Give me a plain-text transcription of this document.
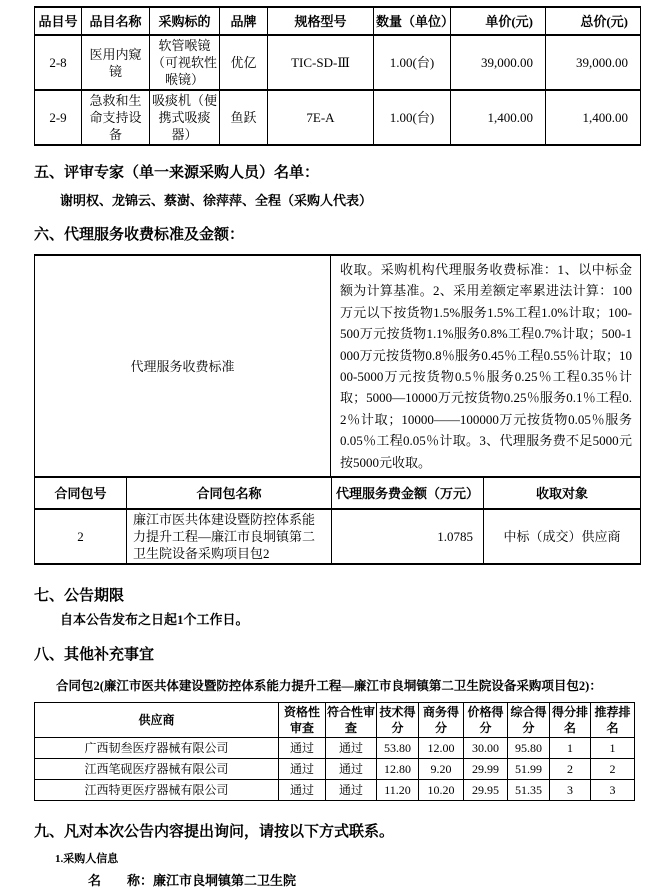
品目号	品目名称	采购标的	品牌	规格型号	数量（单位）	单价(元)	总价(元)
2-8	医用内窥镜	软管喉镜（可视软性喉镜）	优亿	TIC-SD-Ⅲ	1.00(台)	39,000.00	39,000.00
2-9	急救和生命支持设备	吸痰机（便携式吸痰器）	鱼跃	7E-A	1.00(台)	1,400.00	1,400.00
五、评审专家（单一来源采购人员）名单：
谢明权、龙锦云、蔡澍、徐萍萍、全程（采购人代表）
六、代理服务收费标准及金额：
代理服务收费标准	收取。采购机构代理服务收费标准：1、以中标金额为计算基准。2、采用差额定率累进法计算：100万元以下按货物1.5%服务1.5%工程1.0%计取；100-500万元按货物1.1%服务0.8%工程0.7%计取；500-1000万元按货物0.8％服务0.45％工程0.55％计取；1000-5000万元按货物0.5％服务0.25％工程0.35％计取；5000—10000万元按货物0.25％服务0.1％工程0.2％计取；10000——100000万元按货物0.05％服务0.05％工程0.05％计取。3、代理服务费不足5000元按5000元收取。
合同包号	合同包名称	代理服务费金额（万元）	收取对象
2	廉江市医共体建设暨防控体系能力提升工程—廉江市良垌镇第二卫生院设备采购项目包2	1.0785	中标（成交）供应商
七、公告期限
自本公告发布之日起1个工作日。
八、其他补充事宜
合同包2(廉江市医共体建设暨防控体系能力提升工程—廉江市良垌镇第二卫生院设备采购项目包2)：
供应商	资格性审查	符合性审查	技术得分	商务得分	价格得分	综合得分	得分排名	推荐排名
广西韧叁医疗器械有限公司	通过	通过	53.80	12.00	30.00	95.80	1	1
江西笔砚医疗器械有限公司	通过	通过	12.80	9.20	29.99	51.99	2	2
江西特更医疗器械有限公司	通过	通过	11.20	10.20	29.95	51.35	3	3
九、凡对本次公告内容提出询问，请按以下方式联系。
1.采购人信息
名　　称：廉江市良垌镇第二卫生院
